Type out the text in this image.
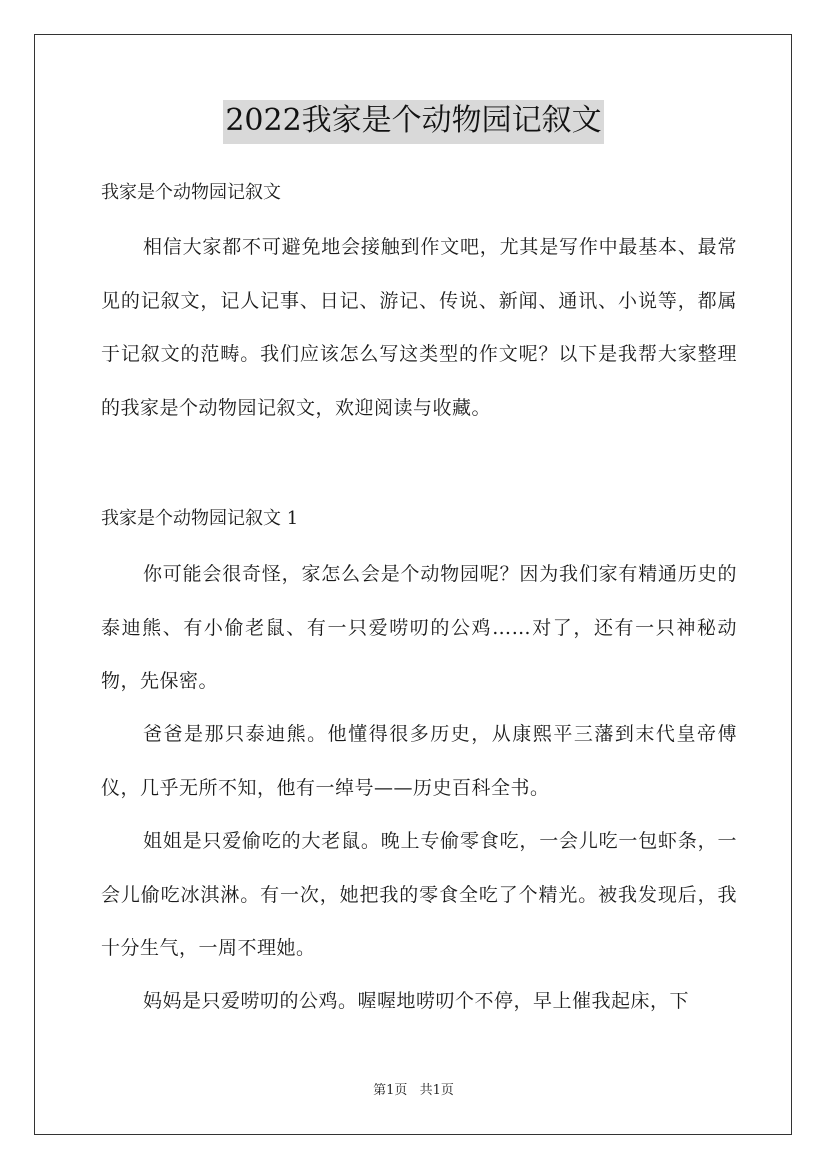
2022我家是个动物园记叙文
我家是个动物园记叙文

相信大家都不可避免地会接触到作文吧，尤其是写作中最基本、最常见的记叙文，记人记事、日记、游记、传说、新闻、通讯、小说等，都属于记叙文的范畴。我们应该怎么写这类型的作文呢？以下是我帮大家整理的我家是个动物园记叙文，欢迎阅读与收藏。

我家是个动物园记叙文 1

你可能会很奇怪，家怎么会是个动物园呢？因为我们家有精通历史的泰迪熊、有小偷老鼠、有一只爱唠叨的公鸡……对了，还有一只神秘动物，先保密。

爸爸是那只泰迪熊。他懂得很多历史，从康熙平三藩到末代皇帝傅仪，几乎无所不知，他有一绰号——历史百科全书。

姐姐是只爱偷吃的大老鼠。晚上专偷零食吃，一会儿吃一包虾条，一会儿偷吃冰淇淋。有一次，她把我的零食全吃了个精光。被我发现后，我十分生气，一周不理她。

妈妈是只爱唠叨的公鸡。喔喔地唠叨个不停，早上催我起床，下

第1页 共1页
